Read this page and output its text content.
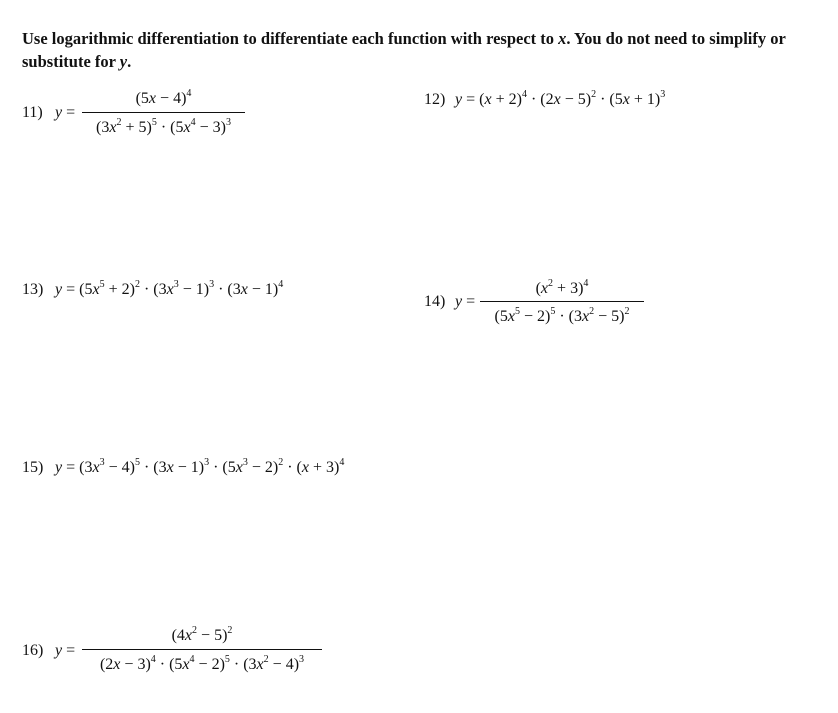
Use logarithmic differentiation to differentiate each function with respect to x. You do not need to simplify or substitute for y.
11) y =
$(5x - 4)^4$
$(3x^2 + 5)^5 \cdot (5x^4 - 3)^3$
12) $y = (x + 2)^4 \cdot (2x - 5)^2 \cdot (5x + 1)^3$
13) $y = (5x^5 + 2)^2 \cdot (3x^3 - 1)^3 \cdot (3x - 1)^4$
14) y =
$(x^2 + 3)^4$
$(5x^5 - 2)^5 \cdot (3x^2 - 5)^2$
15) $y = (3x^3 - 4)^5 \cdot (3x - 1)^3 \cdot (5x^3 - 2)^2 \cdot (x + 3)^4$
16) y =
$(4x^2 - 5)^2$
$(2x - 3)^4 \cdot (5x^4 - 2)^5 \cdot (3x^2 - 4)^3$
